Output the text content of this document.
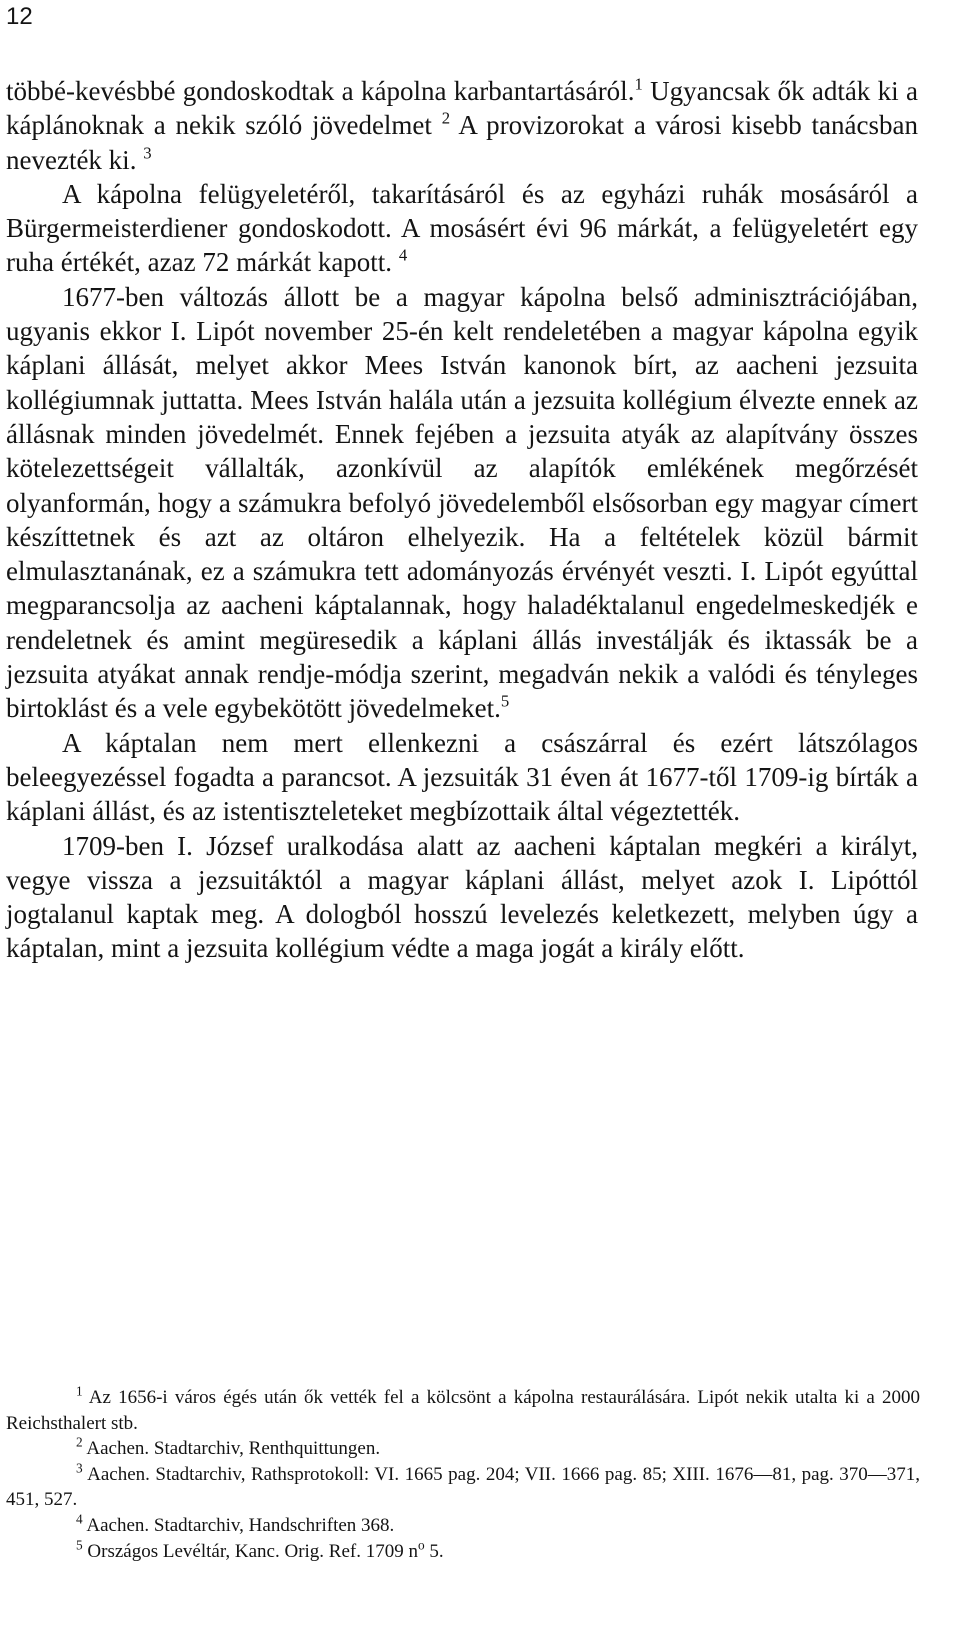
12

többé-kevésbbé gondoskodtak a kápolna karbantartásáról.$^1$ Ugyancsak ők adták ki a káplánoknak a nekik szóló jövedelmet $^2$ A provizorokat a városi kisebb tanácsban nevezték ki. $^3$

A kápolna felügyeletéről, takarításáról és az egyházi ruhák mosásáról a Bürgermeisterdiener gondoskodott. A mosásért évi 96 márkát, a felügyeletért egy ruha értékét, azaz 72 márkát kapott. $^4$

1677-ben változás állott be a magyar kápolna belső adminisztrációjában, ugyanis ekkor I. Lipót november 25-én kelt rendeletében a magyar kápolna egyik káplani állását, melyet akkor Mees István kanonok bírt, az aacheni jezsuita kollégiumnak juttatta. Mees István halála után a jezsuita kollégium élvezte ennek az állásnak minden jövedelmét. Ennek fejében a jezsuita atyák az alapítvány összes kötelezettségeit vállalták, azonkívül az alapítók emlékének megőrzését olyanformán, hogy a számukra befolyó jövedelemből elsősorban egy magyar címert készíttetnek és azt az oltáron elhelyezik. Ha a feltételek közül bármit elmulasztanának, ez a számukra tett adományozás érvényét veszti. I. Lipót egyúttal megparancsolja az aacheni káptalannak, hogy haladéktalanul engedelmeskedjék e rendeletnek és amint megüresedik a káplani állás investálják és iktassák be a jezsuita atyákat annak rendje-módja szerint, megadván nekik a valódi és tényleges birtoklást és a vele egybekötött jövedelmeket.$^5$

A káptalan nem mert ellenkezni a császárral és ezért látszólagos beleegyezéssel fogadta a parancsot. A jezsuiták 31 éven át 1677-től 1709-ig bírták a káplani állást, és az istentiszteleteket megbízottaik által végeztették.

1709-ben I. József uralkodása alatt az aacheni káptalan megkéri a királyt, vegye vissza a jezsuitáktól a magyar káplani állást, melyet azok I. Lipóttól jogtalanul kaptak meg. A dologból hosszú levelezés keletkezett, melyben úgy a káptalan, mint a jezsuita kollégium védte a maga jogát a király előtt.

$^1$ Az 1656-i város égés után ők vették fel a kölcsönt a kápolna restaurálására. Lipót nekik utalta ki a 2000 Reichsthalert stb.

$^2$ Aachen. Stadtarchiv, Renthquittungen.

$^3$ Aachen. Stadtarchiv, Rathsprotokoll: VI. 1665 pag. 204; VII. 1666 pag. 85; XIII. 1676—81, pag. 370—371, 451, 527.

$^4$ Aachen. Stadtarchiv, Handschriften 368.

$^5$ Országos Levéltár, Kanc. Orig. Ref. 1709 $n^o$ 5.
